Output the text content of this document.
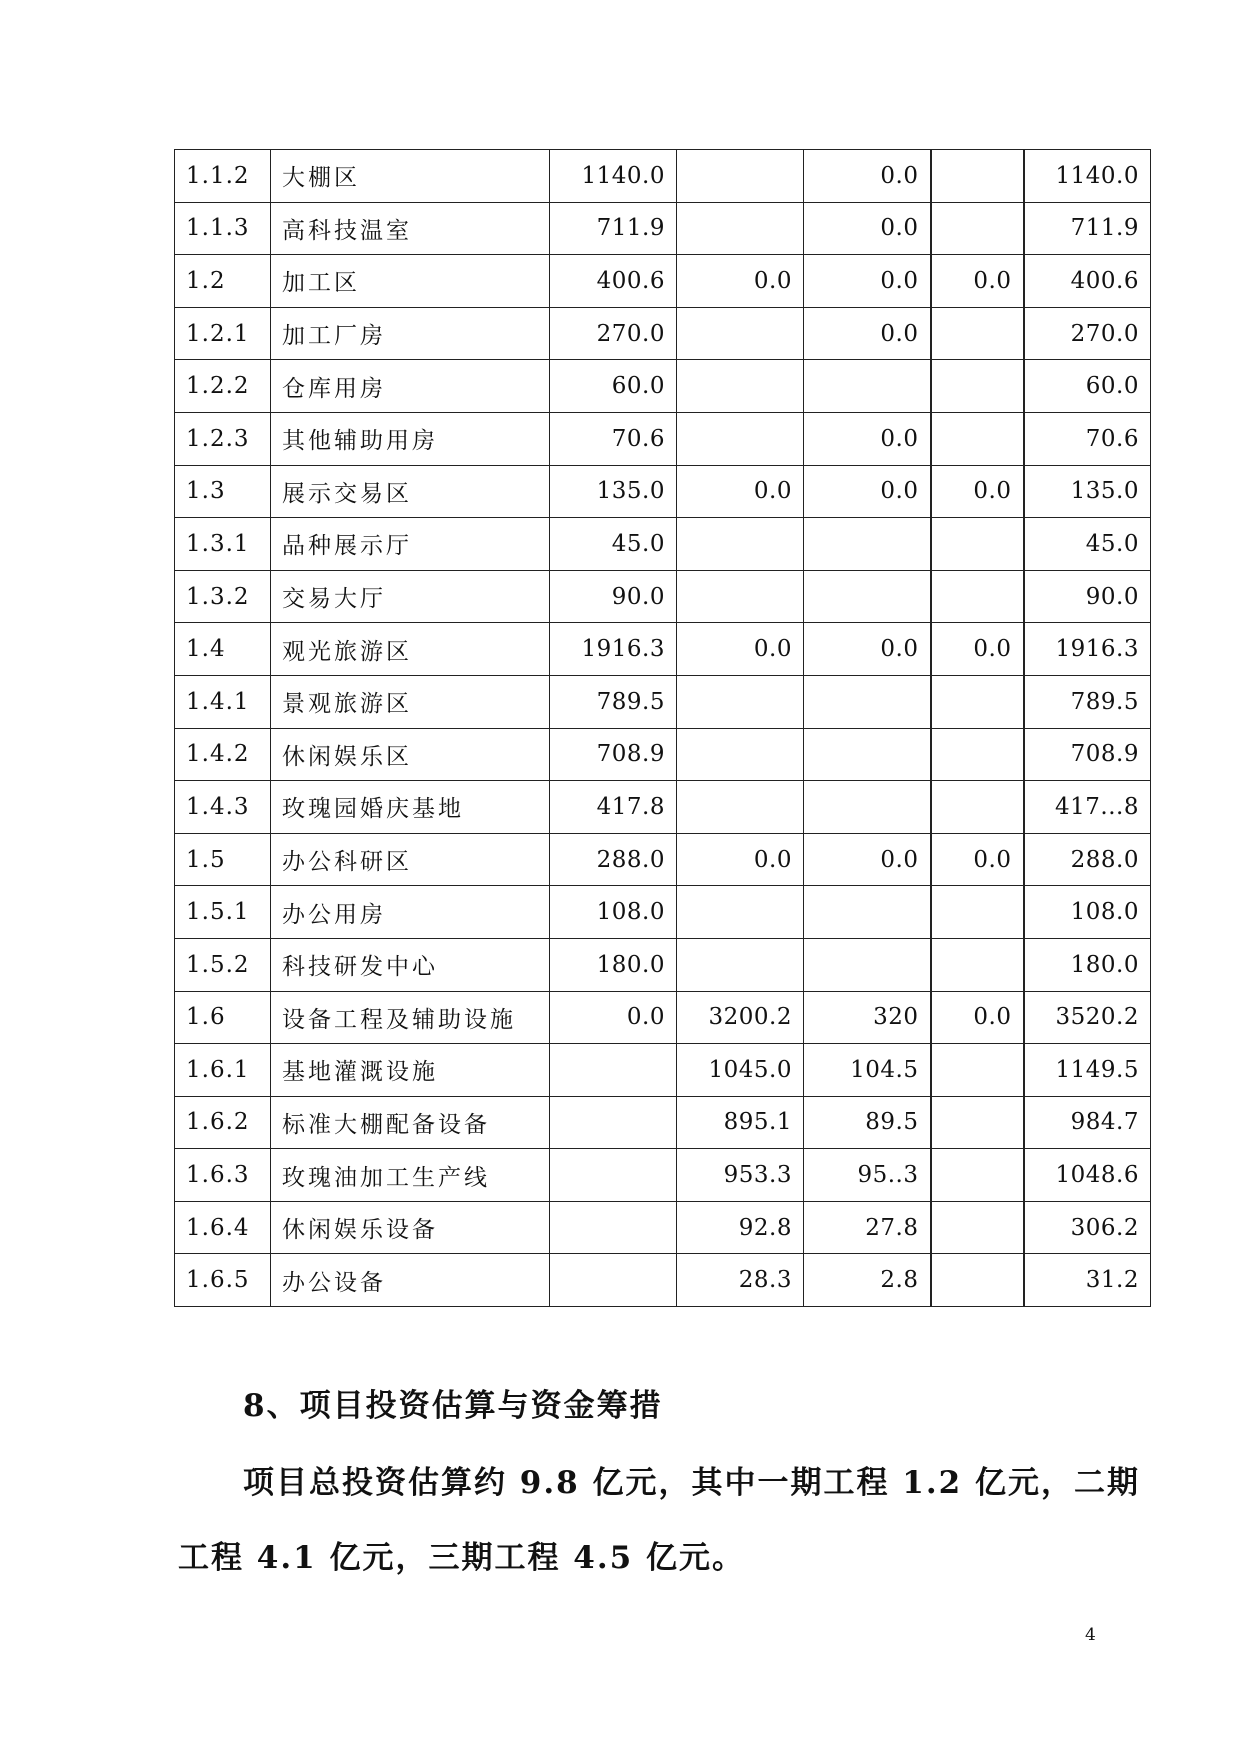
1.1.2	大棚区	1140.0		0.0		1140.0
1.1.3	高科技温室	711.9		0.0		711.9
1.2	加工区	400.6	0.0	0.0	0.0	400.6
1.2.1	加工厂房	270.0		0.0		270.0
1.2.2	仓库用房	60.0				60.0
1.2.3	其他辅助用房	70.6		0.0		70.6
1.3	展示交易区	135.0	0.0	0.0	0.0	135.0
1.3.1	品种展示厅	45.0				45.0
1.3.2	交易大厅	90.0				90.0
1.4	观光旅游区	1916.3	0.0	0.0	0.0	1916.3
1.4.1	景观旅游区	789.5				789.5
1.4.2	休闲娱乐区	708.9				708.9
1.4.3	玫瑰园婚庆基地	417.8				417...8
1.5	办公科研区	288.0	0.0	0.0	0.0	288.0
1.5.1	办公用房	108.0				108.0
1.5.2	科技研发中心	180.0				180.0
1.6	设备工程及辅助设施	0.0	3200.2	320	0.0	3520.2
1.6.1	基地灌溉设施		1045.0	104.5		1149.5
1.6.2	标准大棚配备设备		895.1	89.5		984.7
1.6.3	玫瑰油加工生产线		953.3	95..3		1048.6
1.6.4	休闲娱乐设备		92.8	27.8		306.2
1.6.5	办公设备		28.3	2.8		31.2

8、项目投资估算与资金筹措

项目总投资估算约 9.8 亿元，其中一期工程 1.2 亿元，二期

工程 4.1 亿元，三期工程 4.5 亿元。

4
